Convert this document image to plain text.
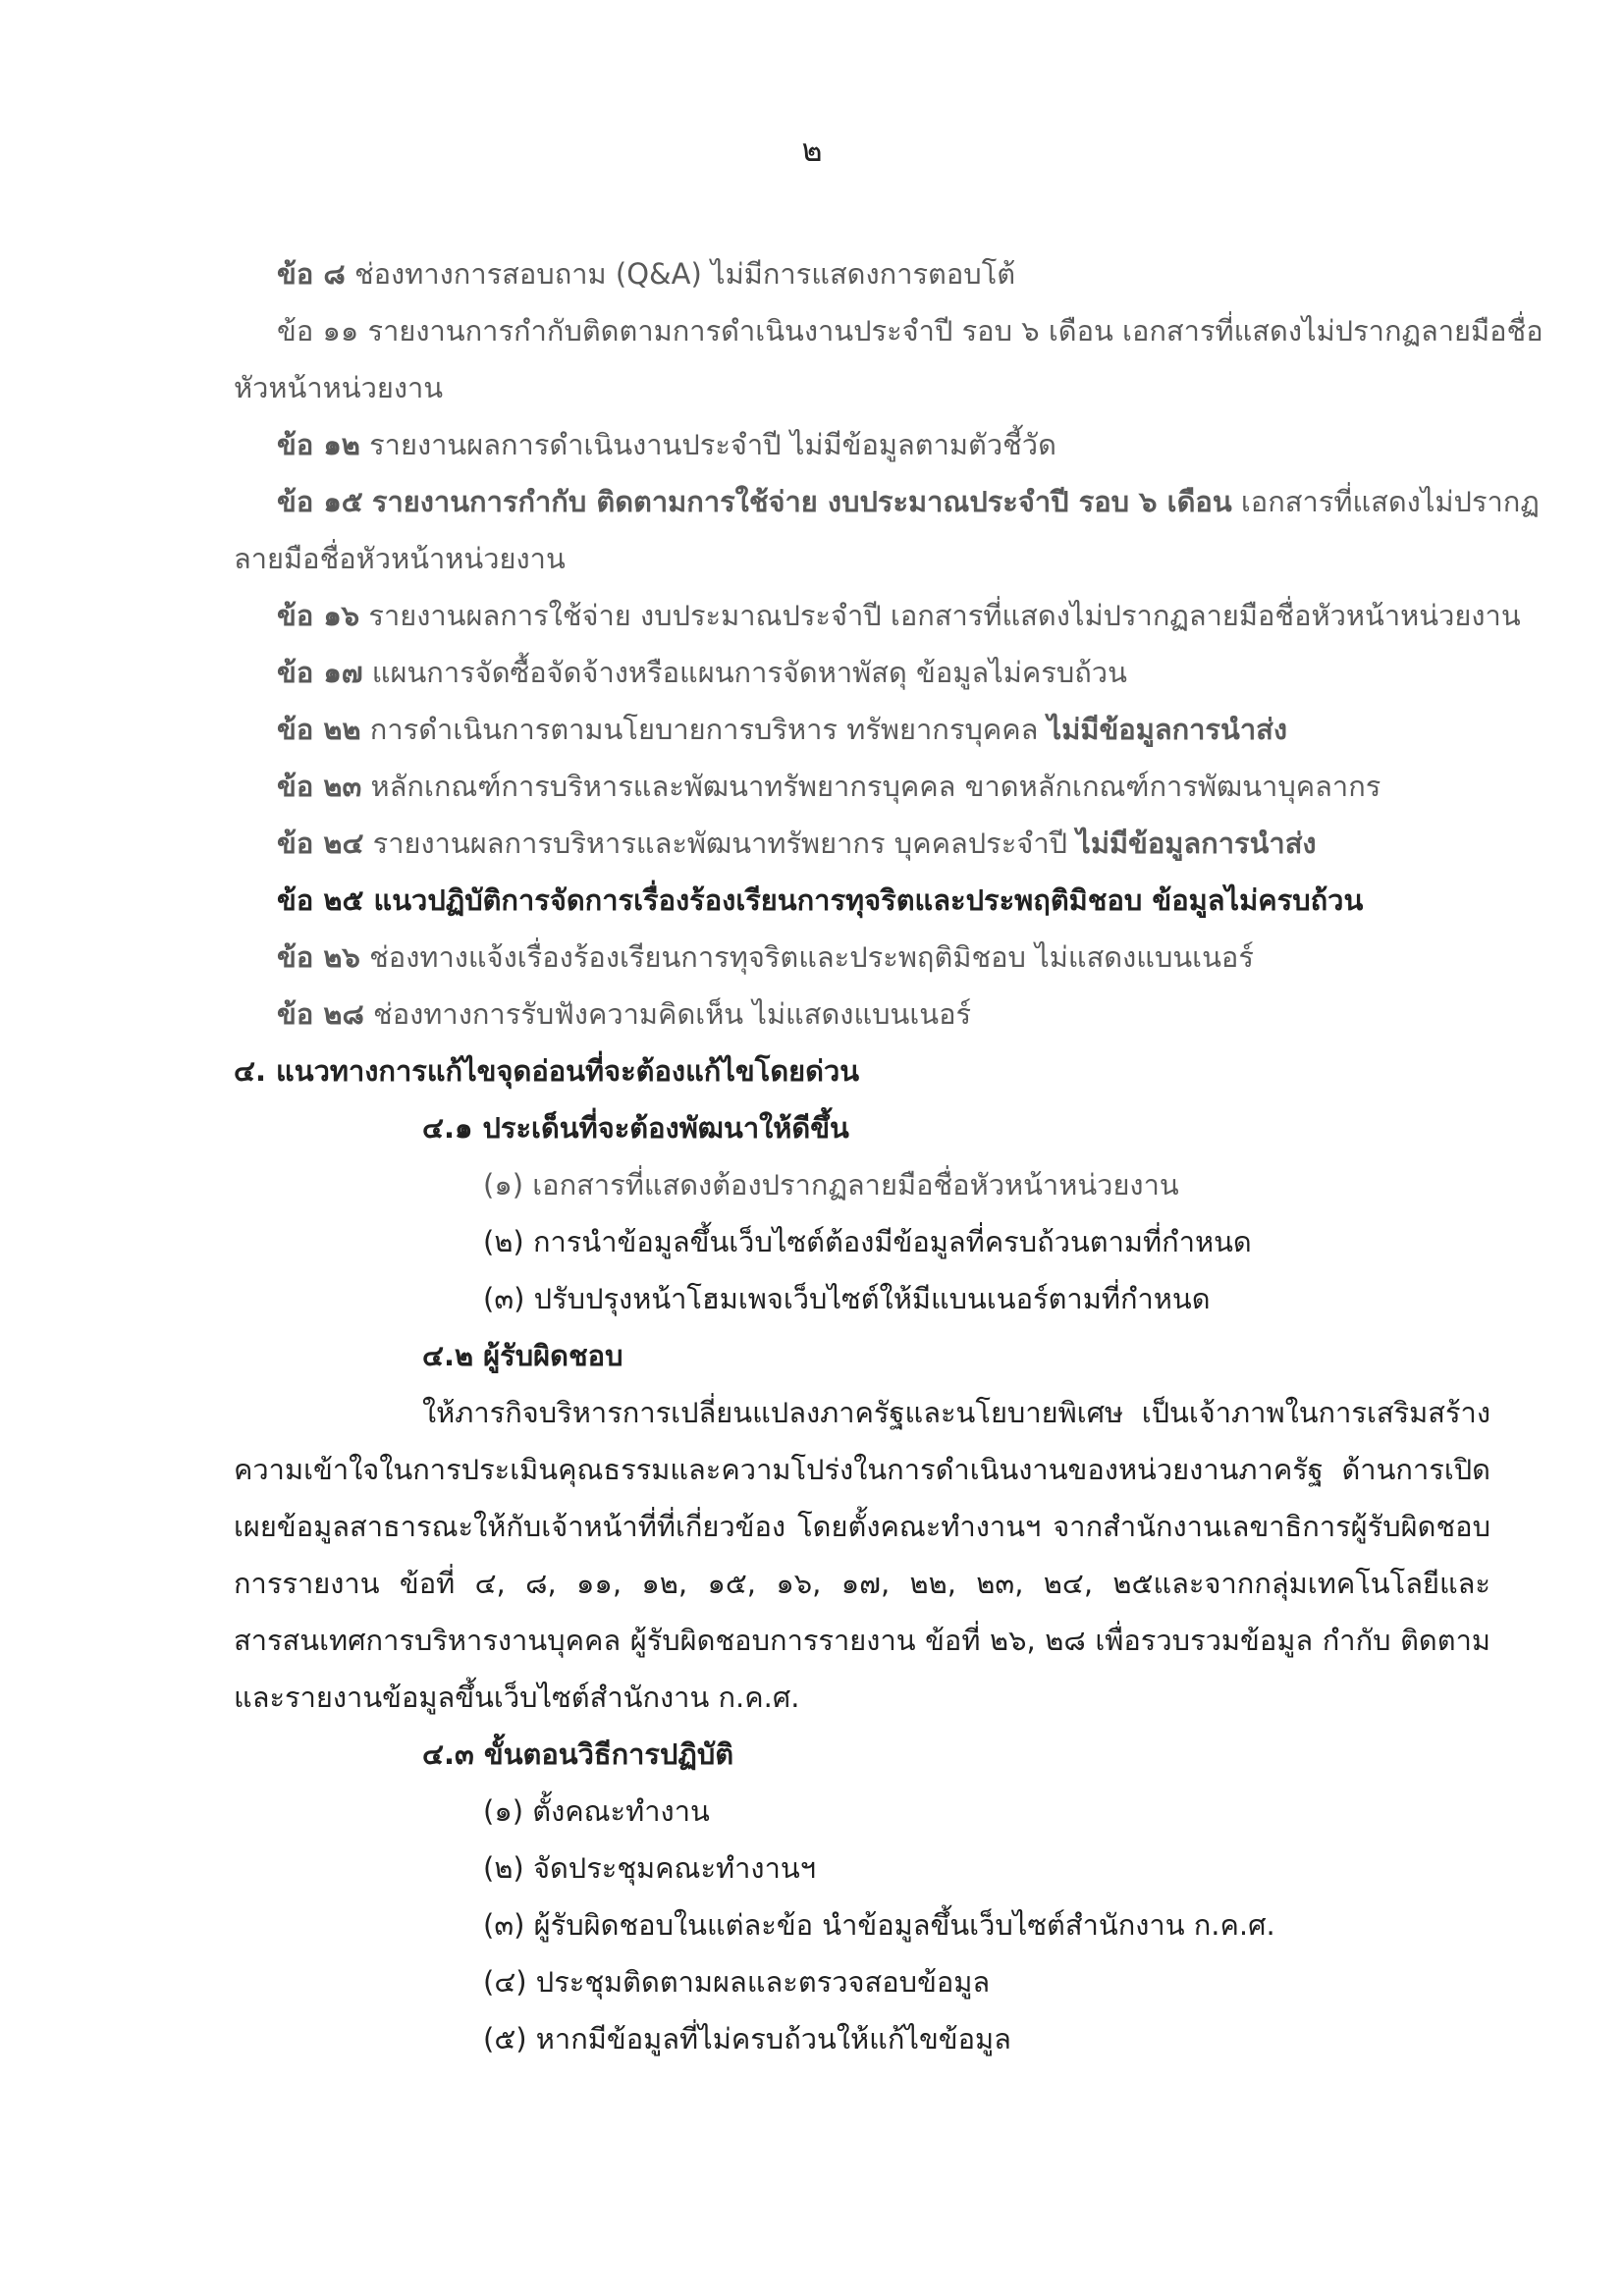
๒
ข้อ ๘ ช่องทางการสอบถาม (Q&A) ไม่มีการแสดงการตอบโต้
ข้อ ๑๑ รายงานการกำกับติดตามการดำเนินงานประจำปี รอบ ๖ เดือน เอกสารที่แสดงไม่ปรากฏลายมือชื่อ
หัวหน้าหน่วยงาน
ข้อ ๑๒ รายงานผลการดำเนินงานประจำปี ไม่มีข้อมูลตามตัวชี้วัด
ข้อ ๑๕ รายงานการกำกับ ติดตามการใช้จ่าย งบประมาณประจำปี รอบ ๖ เดือน เอกสารที่แสดงไม่ปรากฏ
ลายมือชื่อหัวหน้าหน่วยงาน
ข้อ ๑๖ รายงานผลการใช้จ่าย งบประมาณประจำปี เอกสารที่แสดงไม่ปรากฏลายมือชื่อหัวหน้าหน่วยงาน
ข้อ ๑๗ แผนการจัดซื้อจัดจ้างหรือแผนการจัดหาพัสดุ ข้อมูลไม่ครบถ้วน
ข้อ ๒๒ การดำเนินการตามนโยบายการบริหาร ทรัพยากรบุคคล ไม่มีข้อมูลการนำส่ง
ข้อ ๒๓ หลักเกณฑ์การบริหารและพัฒนาทรัพยากรบุคคล ขาดหลักเกณฑ์การพัฒนาบุคลากร
ข้อ ๒๔ รายงานผลการบริหารและพัฒนาทรัพยากร บุคคลประจำปี ไม่มีข้อมูลการนำส่ง
ข้อ ๒๕ แนวปฏิบัติการจัดการเรื่องร้องเรียนการทุจริตและประพฤติมิชอบ ข้อมูลไม่ครบถ้วน
ข้อ ๒๖ ช่องทางแจ้งเรื่องร้องเรียนการทุจริตและประพฤติมิชอบ ไม่แสดงแบนเนอร์
ข้อ ๒๘ ช่องทางการรับฟังความคิดเห็น ไม่แสดงแบนเนอร์
๔. แนวทางการแก้ไขจุดอ่อนที่จะต้องแก้ไขโดยด่วน
๔.๑ ประเด็นที่จะต้องพัฒนาให้ดีขึ้น
(๑) เอกสารที่แสดงต้องปรากฏลายมือชื่อหัวหน้าหน่วยงาน
(๒) การนำข้อมูลขึ้นเว็บไซต์ต้องมีข้อมูลที่ครบถ้วนตามที่กำหนด
(๓) ปรับปรุงหน้าโฮมเพจเว็บไซต์ให้มีแบนเนอร์ตามที่กำหนด
๔.๒ ผู้รับผิดชอบ

ให้ภารกิจบริหารการเปลี่ยนแปลงภาครัฐและนโยบายพิเศษ เป็นเจ้าภาพในการเสริมสร้างความเข้าใจในการประเมินคุณธรรมและความโปร่งในการดำเนินงานของหน่วยงานภาครัฐ ด้านการเปิดเผยข้อมูลสาธารณะให้กับเจ้าหน้าที่ที่เกี่ยวข้อง โดยตั้งคณะทำงานฯ จากสำนักงานเลขาธิการผู้รับผิดชอบการรายงาน ข้อที่ ๔, ๘, ๑๑, ๑๒, ๑๕, ๑๖, ๑๗, ๒๒, ๒๓, ๒๔, ๒๕และจากกลุ่มเทคโนโลยีและสารสนเทศการบริหารงานบุคคล ผู้รับผิดชอบการรายงาน ข้อที่ ๒๖, ๒๘ เพื่อรวบรวมข้อมูล กำกับ ติดตาม และรายงานข้อมูลขึ้นเว็บไซต์สำนักงาน ก.ค.ศ.

๔.๓ ขั้นตอนวิธีการปฏิบัติ
(๑) ตั้งคณะทำงาน
(๒) จัดประชุมคณะทำงานฯ
(๓) ผู้รับผิดชอบในแต่ละข้อ นำข้อมูลขึ้นเว็บไซต์สำนักงาน ก.ค.ศ.
(๔) ประชุมติดตามผลและตรวจสอบข้อมูล
(๕) หากมีข้อมูลที่ไม่ครบถ้วนให้แก้ไขข้อมูล
